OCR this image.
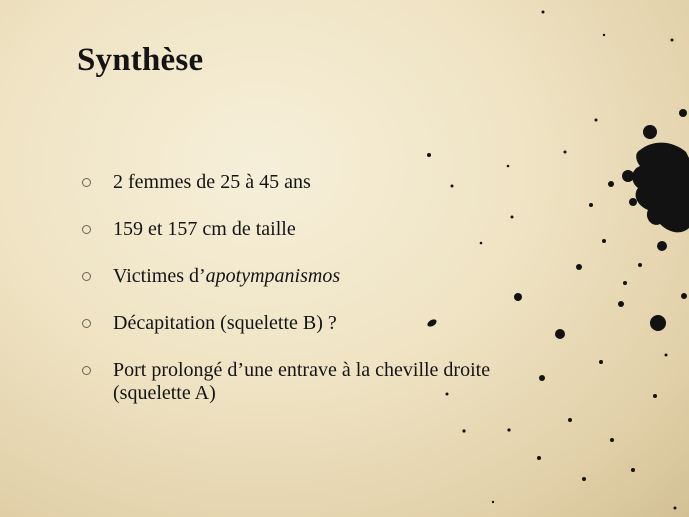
Synthèse
2 femmes de 25 à 45 ans
159 et 157 cm de taille
Victimes d’apotympanismos
Décapitation (squelette B) ?
Port prolongé d’une entrave à la cheville droite (squelette A)
